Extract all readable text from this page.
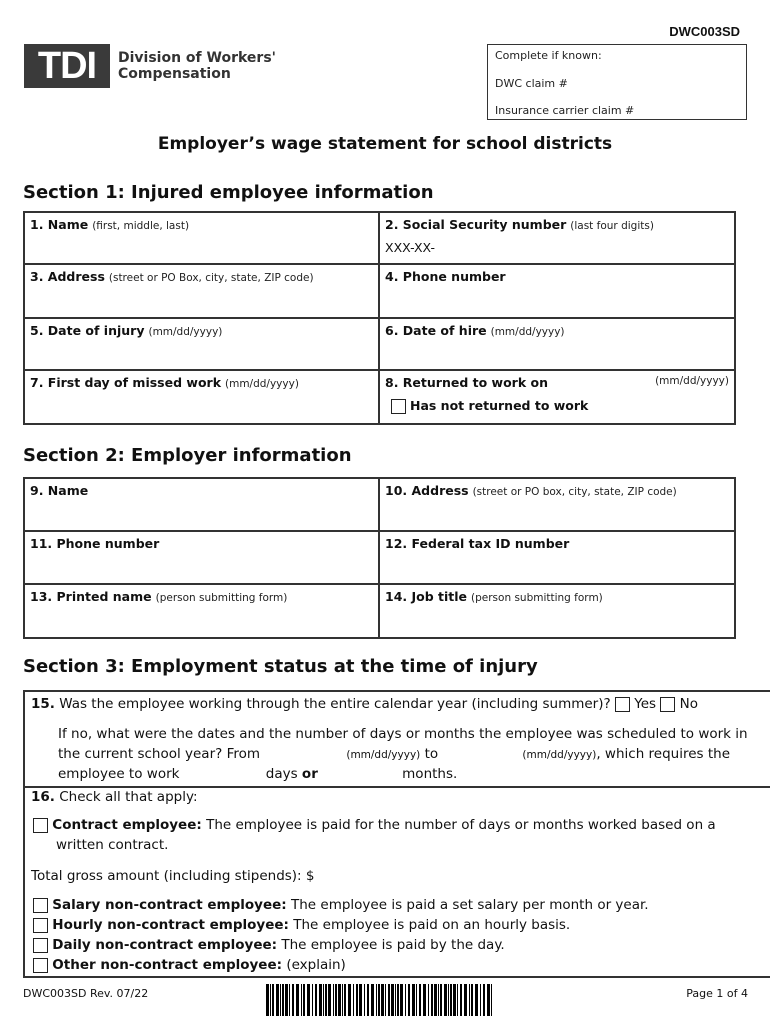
DWC003SD
TDI	Division of Workers'
Compensation
Complete if known:
DWC claim #
Insurance carrier claim #
Employer’s wage statement for school districts
Section 1: Injured employee information
1. Name (first, middle, last)	2. Social Security number (last four digits)
XXX-XX-

3. Address (street or PO Box, city, state, ZIP code)	4. Phone number
5. Date of injury (mm/dd/yyyy)	6. Date of hire (mm/dd/yyyy)
7. First day of missed work (mm/dd/yyyy)	8. Returned to work on (mm/dd/yyyy)
Has not returned to work
Section 2: Employer information
9. Name	10. Address (street or PO box, city, state, ZIP code)
11. Phone number	12. Federal tax ID number
13. Printed name (person submitting form)	14. Job title (person submitting form)
Section 3: Employment status at the time of injury
15. Was the employee working through the entire calendar year (including summer)? Yes No
If no, what were the dates and the number of days or months the employee was scheduled to work in
the current school year? From	(mm/dd/yyyy) to	(mm/dd/yyyy), which requires the
employee to work	days or	months.
16. Check all that apply:
Contract employee: The employee is paid for the number of days or months worked based on a
written contract.
Total gross amount (including stipends): $
Salary non-contract employee: The employee is paid a set salary per month or year.
Hourly non-contract employee: The employee is paid on an hourly basis.
Daily non-contract employee: The employee is paid by the day.
Other non-contract employee: (explain)
DWC003SD Rev. 07/22	Page 1 of 4
